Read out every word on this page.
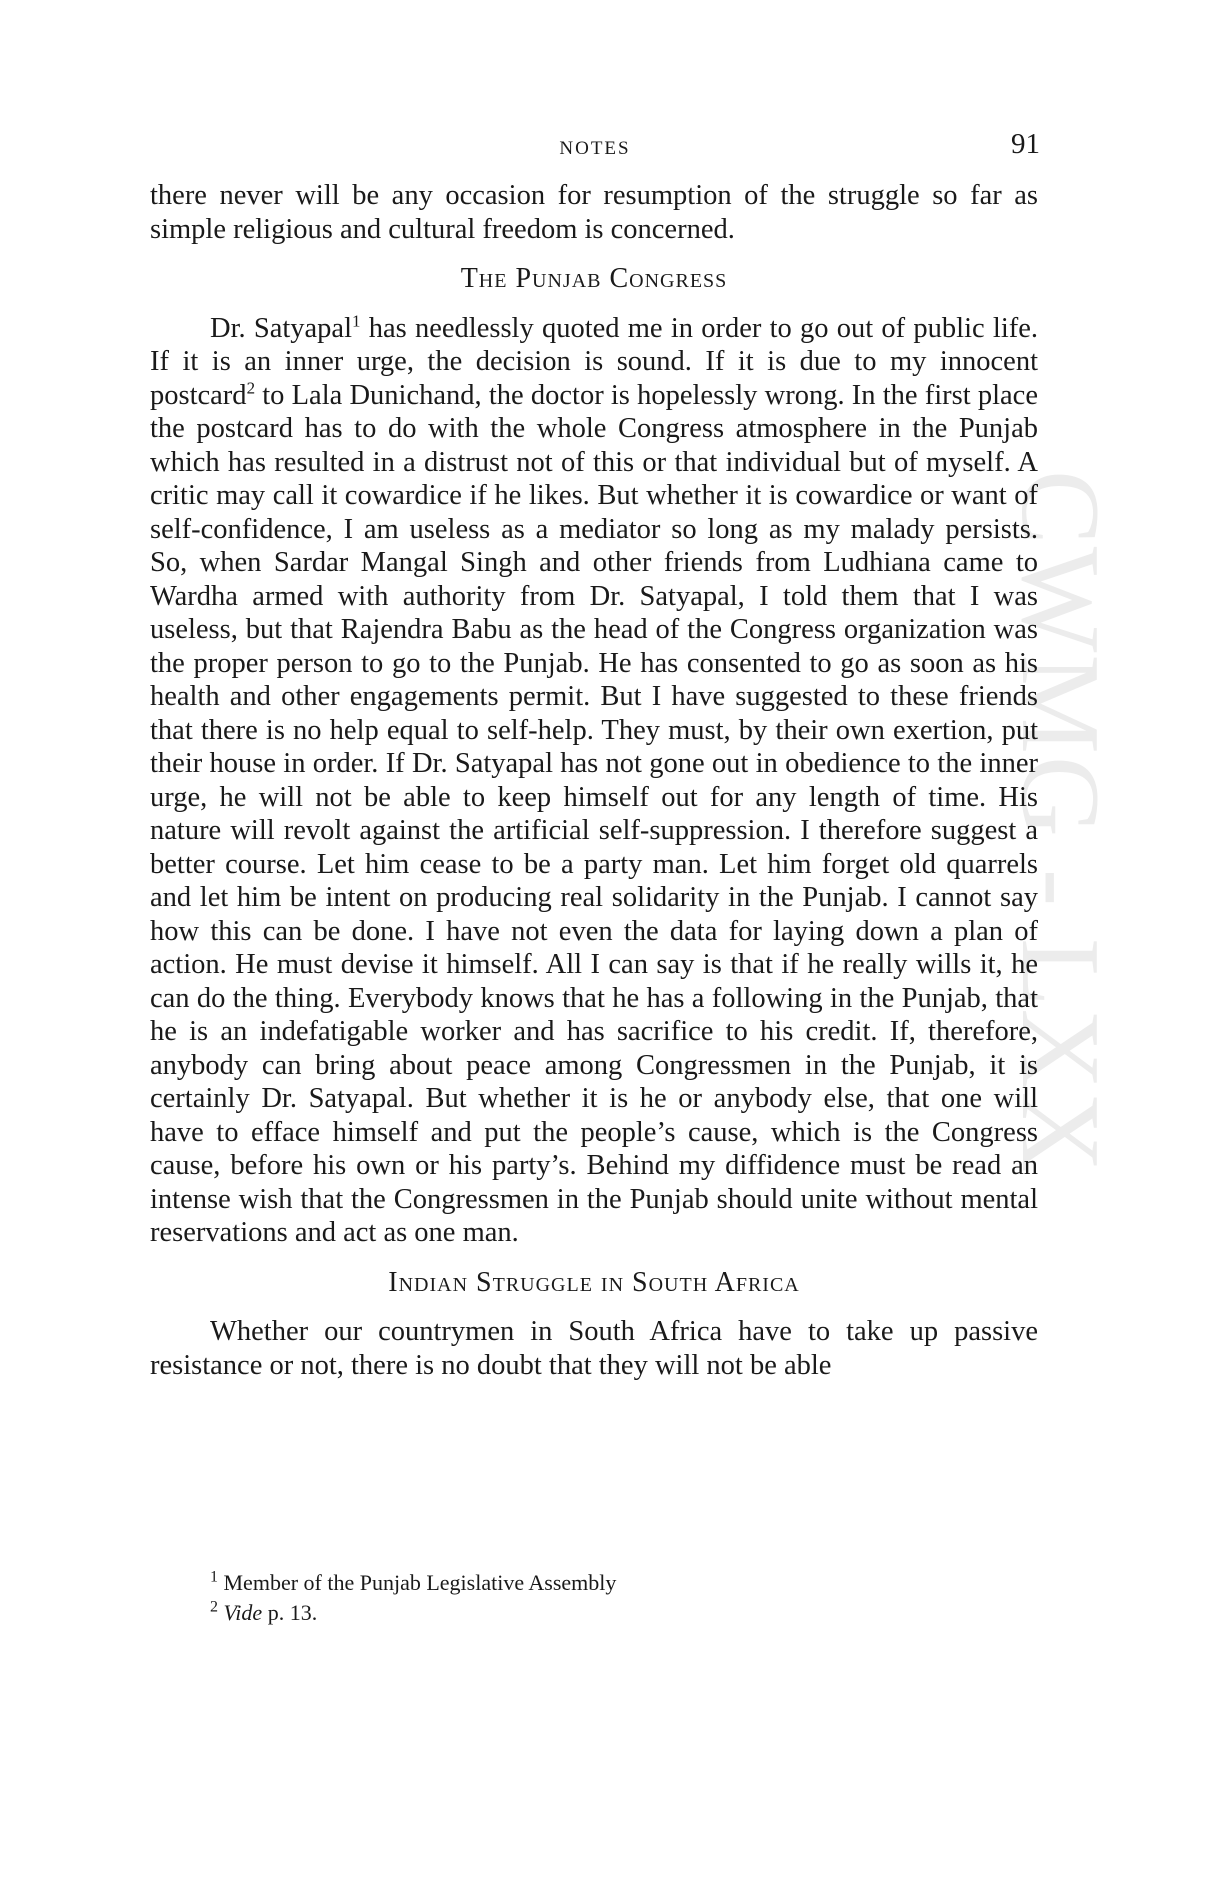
CWMG - LXX
NOTES	91

there never will be any occasion for resumption of the struggle so far as simple religious and cultural freedom is concerned.

The Punjab Congress

Dr. Satyapal$^1$ has needlessly quoted me in order to go out of public life. If it is an inner urge, the decision is sound. If it is due to my innocent postcard$^2$ to Lala Dunichand, the doctor is hopelessly wrong. In the first place the postcard has to do with the whole Congress atmosphere in the Punjab which has resulted in a distrust not of this or that individual but of myself. A critic may call it cowardice if he likes. But whether it is cowardice or want of self-confidence, I am useless as a mediator so long as my malady persists. So, when Sardar Mangal Singh and other friends from Ludhiana came to Wardha armed with authority from Dr. Satyapal, I told them that I was useless, but that Rajendra Babu as the head of the Congress organization was the proper person to go to the Punjab. He has consented to go as soon as his health and other engagements permit. But I have suggested to these friends that there is no help equal to self-help. They must, by their own exertion, put their house in order. If Dr. Satyapal has not gone out in obedience to the inner urge, he will not be able to keep himself out for any length of time. His nature will revolt against the artificial self-suppression. I therefore suggest a better course. Let him cease to be a party man. Let him forget old quarrels and let him be intent on producing real solidarity in the Punjab. I cannot say how this can be done. I have not even the data for laying down a plan of action. He must devise it himself. All I can say is that if he really wills it, he can do the thing. Everybody knows that he has a following in the Punjab, that he is an indefatigable worker and has sacrifice to his credit. If, therefore, anybody can bring about peace among Congressmen in the Punjab, it is certainly Dr. Satyapal. But whether it is he or anybody else, that one will have to efface himself and put the people’s cause, which is the Congress cause, before his own or his party’s. Behind my diffidence must be read an intense wish that the Congressmen in the Punjab should unite without mental reservations and act as one man.

Indian Struggle in South Africa

Whether our countrymen in South Africa have to take up passive resistance or not, there is no doubt that they will not be able

$^1$ Member of the Punjab Legislative Assembly

$^2$ Vide p. 13.
